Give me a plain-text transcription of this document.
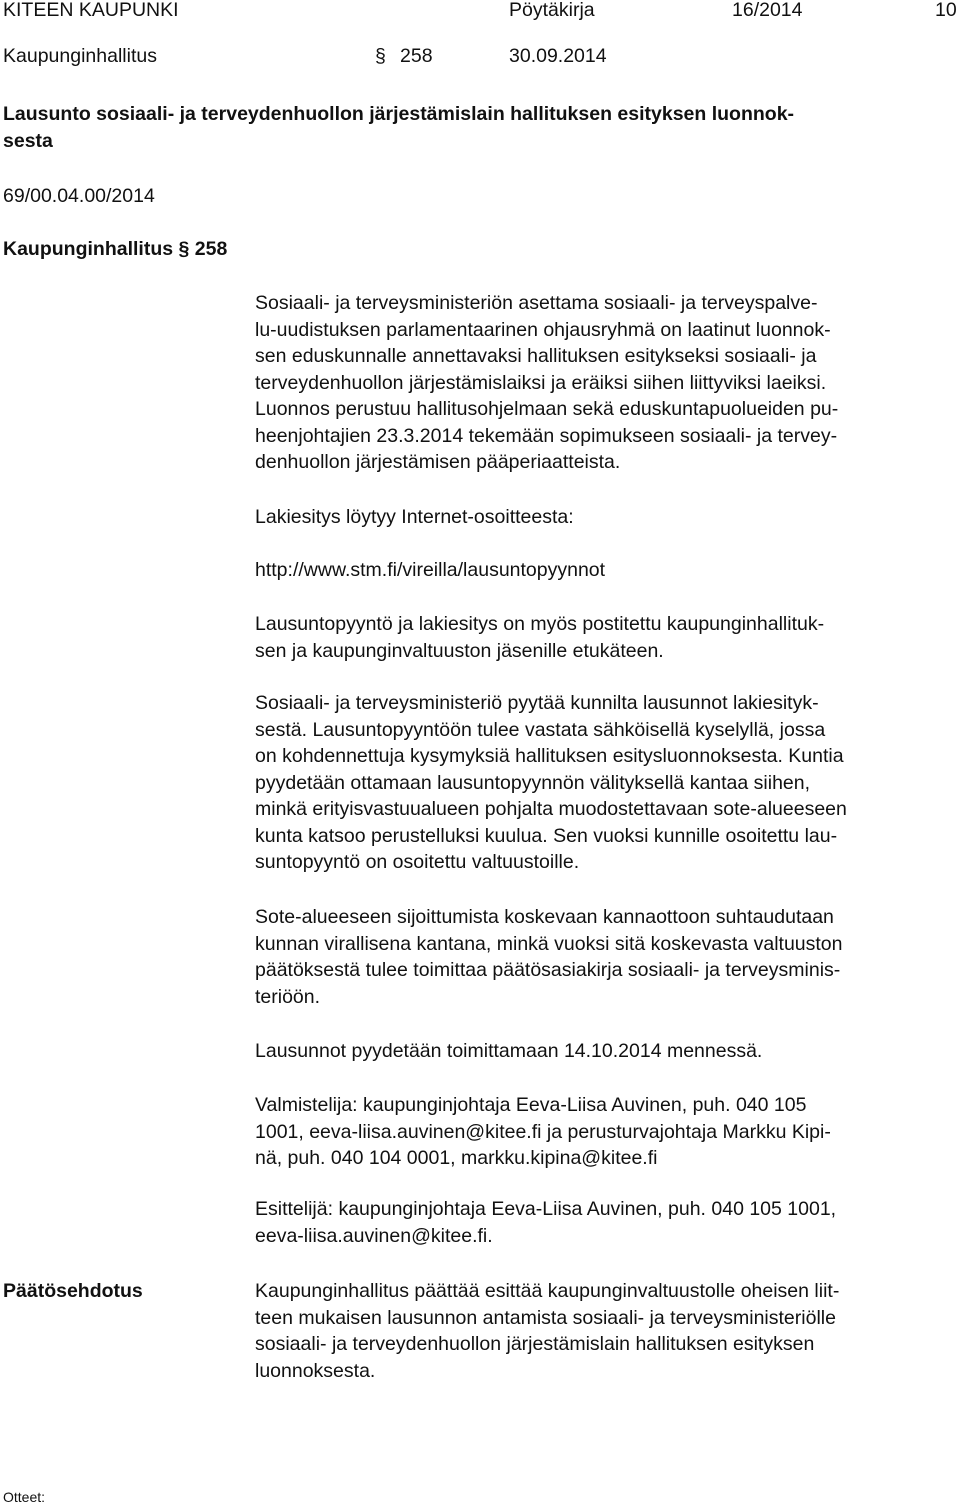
KITEEN KAUPUNKI	Pöytäkirja	16/2014	10
Kaupunginhallitus	§ 258	30.09.2014
Lausunto sosiaali- ja terveydenhuollon järjestämislain hallituksen esityksen luonnok-
sesta
69/00.04.00/2014
Kaupunginhallitus § 258

Sosiaali- ja terveysministeriön asettama sosiaali- ja terveyspalve-

lu-uudistuksen parlamentaarinen ohjausryhmä on laatinut luonnok-

sen eduskunnalle annettavaksi hallituksen esitykseksi sosiaali- ja

terveydenhuollon järjestämislaiksi ja eräiksi siihen liittyviksi laeiksi.

Luonnos perustuu hallitusohjelmaan sekä eduskuntapuolueiden pu-

heenjohtajien 23.3.2014 tekemään sopimukseen sosiaali- ja tervey-

denhuollon järjestämisen pääperiaatteista.

Lakiesitys löytyy Internet-osoitteesta:

http://www.stm.fi/vireilla/lausuntopyynnot

Lausuntopyyntö ja lakiesitys on myös postitettu kaupunginhallituk-

sen ja kaupunginvaltuuston jäsenille etukäteen.

Sosiaali- ja terveysministeriö pyytää kunnilta lausunnot lakiesityk-

sestä. Lausuntopyyntöön tulee vastata sähköisellä kyselyllä, jossa

on kohdennettuja kysymyksiä hallituksen esitysluonnoksesta. Kuntia

pyydetään ottamaan lausuntopyynnön välityksellä kantaa siihen,

minkä erityisvastuualueen pohjalta muodostettavaan sote-alueeseen

kunta katsoo perustelluksi kuulua. Sen vuoksi kunnille osoitettu lau-

suntopyyntö on osoitettu valtuustoille.

Sote-alueeseen sijoittumista koskevaan kannaottoon suhtaudutaan

kunnan virallisena kantana, minkä vuoksi sitä koskevasta valtuuston

päätöksestä tulee toimittaa päätösasiakirja sosiaali- ja terveysminis-

teriöön.

Lausunnot pyydetään toimittamaan 14.10.2014 mennessä.

Valmistelija: kaupunginjohtaja Eeva-Liisa Auvinen, puh. 040 105

1001, eeva-liisa.auvinen@kitee.fi ja perusturvajohtaja Markku Kipi-

nä, puh. 040 104 0001, markku.kipina@kitee.fi

Esittelijä: kaupunginjohtaja Eeva-Liisa Auvinen, puh. 040 105 1001,

eeva-liisa.auvinen@kitee.fi.

Päätösehdotus	Kaupunginhallitus päättää esittää kaupunginvaltuustolle oheisen liit-

teen mukaisen lausunnon antamista sosiaali- ja terveysministeriölle

sosiaali- ja terveydenhuollon järjestämislain hallituksen esityksen

luonnoksesta.

Otteet:
